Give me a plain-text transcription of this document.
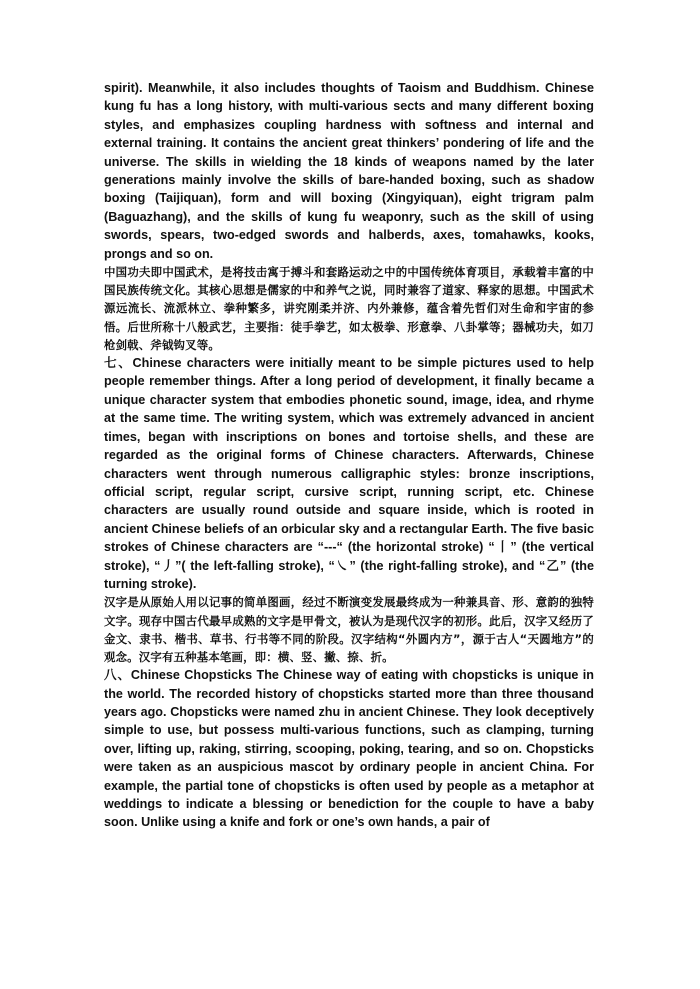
spirit). Meanwhile, it also includes thoughts of Taoism and Buddhism. Chinese kung fu has a long history, with multi-various sects and many different boxing styles, and emphasizes coupling hardness with softness and internal and external training. It contains the ancient great thinkers’ pondering of life and the universe. The skills in wielding the 18 kinds of weapons named by the later generations mainly involve the skills of bare-handed boxing, such as shadow boxing (Taijiquan), form and will boxing (Xingyiquan), eight trigram palm (Baguazhang), and the skills of kung fu weaponry, such as the skill of using swords, spears, two-edged swords and halberds, axes, tomahawks, kooks, prongs and so on.

中国功夫即中国武术，是将技击寓于搏斗和套路运动之中的中国传统体育项目，承载着丰富的中国民族传统文化。其核心思想是儒家的中和养气之说，同时兼容了道家、释家的思想。中国武术源远流长、流派林立、拳种繁多，讲究刚柔并济、内外兼修，蕴含着先哲们对生命和宇宙的参悟。后世所称十八般武艺，主要指：徒手拳艺，如太极拳、形意拳、八卦掌等；器械功夫，如刀枪剑戟、斧钺钩叉等。

七、Chinese characters were initially meant to be simple pictures used to help people remember things. After a long period of development, it finally became a unique character system that embodies phonetic sound, image, idea, and rhyme at the same time. The writing system, which was extremely advanced in ancient times, began with inscriptions on bones and tortoise shells, and these are regarded as the original forms of Chinese characters. Afterwards, Chinese characters went through numerous calligraphic styles: bronze inscriptions, official script, regular script, cursive script, running script, etc. Chinese characters are usually round outside and square inside, which is rooted in ancient Chinese beliefs of an orbicular sky and a rectangular Earth. The five basic strokes of Chinese characters are “---“ (the horizontal stroke) “丨” (the vertical stroke), “丿”( the left-falling stroke), “㇏” (the right-falling stroke), and “乙” (the turning stroke).

汉字是从原始人用以记事的简单图画，经过不断演变发展最终成为一种兼具音、形、意韵的独特文字。现存中国古代最早成熟的文字是甲骨文，被认为是现代汉字的初形。此后，汉字又经历了金文、隶书、楷书、草书、行书等不同的阶段。汉字结构“外圆内方”，源于古人“天圆地方”的观念。汉字有五种基本笔画，即：横、竖、撇、捺、折。

八、Chinese Chopsticks The Chinese way of eating with chopsticks is unique in the world. The recorded history of chopsticks started more than three thousand years ago. Chopsticks were named zhu in ancient Chinese. They look deceptively simple to use, but possess multi-various functions, such as clamping, turning over, lifting up, raking, stirring, scooping, poking, tearing, and so on. Chopsticks were taken as an auspicious mascot by ordinary people in ancient China. For example, the partial tone of chopsticks is often used by people as a metaphor at weddings to indicate a blessing or benediction for the couple to have a baby soon. Unlike using a knife and fork or one’s own hands, a pair of
